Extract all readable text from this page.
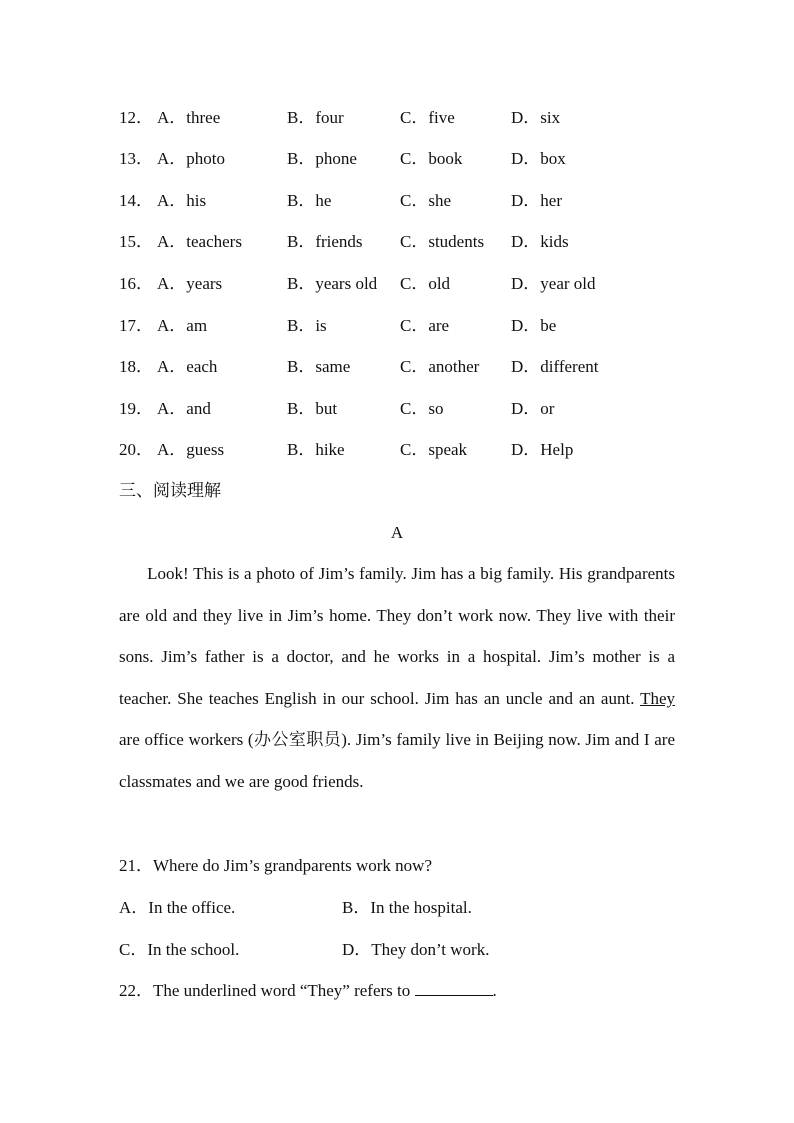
12． A．three	B．four	C．five	D．six
13． A．photo	B．phone	C．book	D．box
14． A．his	B．he	C．she	D．her
15． A．teachers	B．friends C．students D．kids
16． A．years	B．years old C．old	D．year old
17． A．am	B．is	C．are	D．be
18． A．each	B．same	C．another D．different
19． A．and	B．but	C．so	D．or
20． A．guess	B．hike	C．speak	D．Help
三、阅读理解
A

Look! This is a photo of Jim’s family. Jim has a big family. His grandparents are old and they live in Jim’s home. They don’t work now. They live with their sons. Jim’s father is a doctor, and he works in a hospital. Jim’s mother is a teacher. She teaches English in our school. Jim has an uncle and an aunt. They are office workers (办公室职员). Jim’s family live in Beijing now. Jim and I are classmates and we are good friends.

21．Where do Jim’s grandparents work now?
A．In the office.	B．In the hospital.
C．In the school.	D．They don’t work.
22．The underlined word “They” refers to	.
